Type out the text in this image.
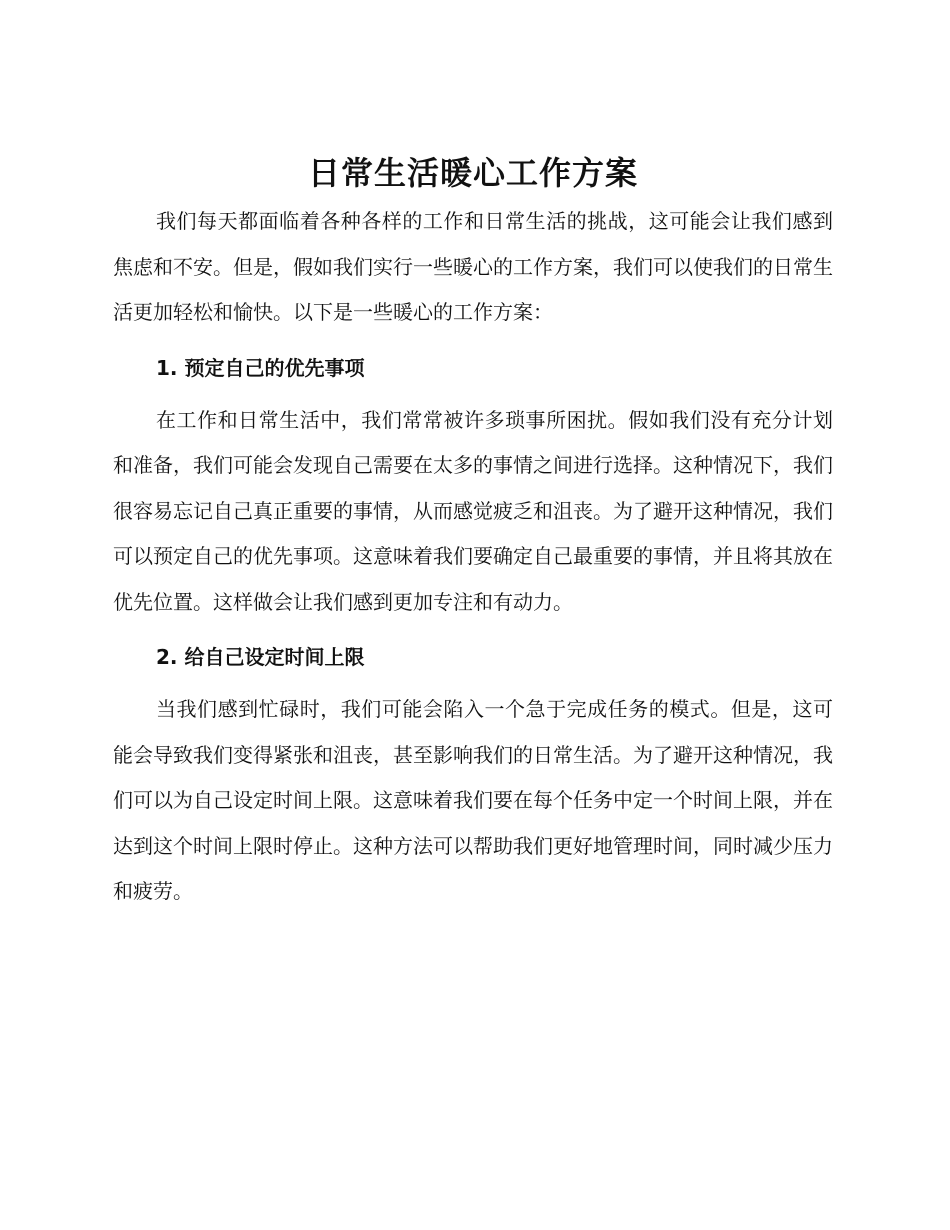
日常生活暖心工作方案

我们每天都面临着各种各样的工作和日常生活的挑战，这可能会让我们感到焦虑和不安。但是，假如我们实行一些暖心的工作方案，我们可以使我们的日常生活更加轻松和愉快。以下是一些暖心的工作方案：

1. 预定自己的优先事项

在工作和日常生活中，我们常常被许多琐事所困扰。假如我们没有充分计划和准备，我们可能会发现自己需要在太多的事情之间进行选择。这种情况下，我们很容易忘记自己真正重要的事情，从而感觉疲乏和沮丧。为了避开这种情况，我们可以预定自己的优先事项。这意味着我们要确定自己最重要的事情，并且将其放在优先位置。这样做会让我们感到更加专注和有动力。

2. 给自己设定时间上限

当我们感到忙碌时，我们可能会陷入一个急于完成任务的模式。但是，这可能会导致我们变得紧张和沮丧，甚至影响我们的日常生活。为了避开这种情况，我们可以为自己设定时间上限。这意味着我们要在每个任务中定一个时间上限，并在达到这个时间上限时停止。这种方法可以帮助我们更好地管理时间，同时减少压力和疲劳。
